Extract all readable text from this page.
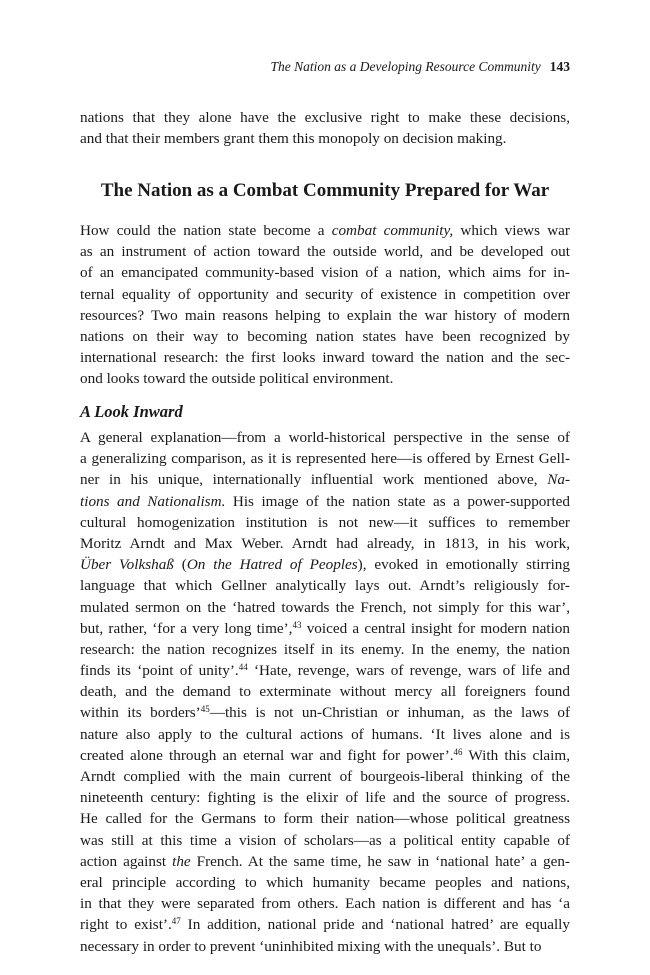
The Nation as a Developing Resource Community 143
nations that they alone have the exclusive right to make these decisions,
and that their members grant them this monopoly on decision making.
The Nation as a Combat Community Prepared for War
How could the nation state become a combat community, which views war
as an instrument of action toward the outside world, and be developed out
of an emancipated community-based vision of a nation, which aims for in-
ternal equality of opportunity and security of existence in competition over
resources? Two main reasons helping to explain the war history of modern
nations on their way to becoming nation states have been recognized by
international research: the first looks inward toward the nation and the sec-
ond looks toward the outside political environment.
A Look Inward
A general explanation—from a world-historical perspective in the sense of
a generalizing comparison, as it is represented here—is offered by Ernest Gell-
ner in his unique, internationally influential work mentioned above, Na-
tions and Nationalism. His image of the nation state as a power-supported
cultural homogenization institution is not new—it suffices to remember
Moritz Arndt and Max Weber. Arndt had already, in 1813, in his work,
Über Volkshaß (On the Hatred of Peoples), evoked in emotionally stirring
language that which Gellner analytically lays out. Arndt’s religiously for-
mulated sermon on the ‘hatred towards the French, not simply for this war’,
but, rather, ‘for a very long time’,$^{43}$ voiced a central insight for modern nation
research: the nation recognizes itself in its enemy. In the enemy, the nation
finds its ‘point of unity’.$^{44}$ ‘Hate, revenge, wars of revenge, wars of life and
death, and the demand to exterminate without mercy all foreigners found
within its borders’$^{45}$—this is not un-Christian or inhuman, as the laws of
nature also apply to the cultural actions of humans. ‘It lives alone and is
created alone through an eternal war and fight for power’.$^{46}$ With this claim,
Arndt complied with the main current of bourgeois-liberal thinking of the
nineteenth century: fighting is the elixir of life and the source of progress.
He called for the Germans to form their nation—whose political greatness
was still at this time a vision of scholars—as a political entity capable of
action against the French. At the same time, he saw in ‘national hate’ a gen-
eral principle according to which humanity became peoples and nations,
in that they were separated from others. Each nation is different and has ‘a
right to exist’.$^{47}$ In addition, national pride and ‘national hatred’ are equally
necessary in order to prevent ‘uninhibited mixing with the unequals’. But to
